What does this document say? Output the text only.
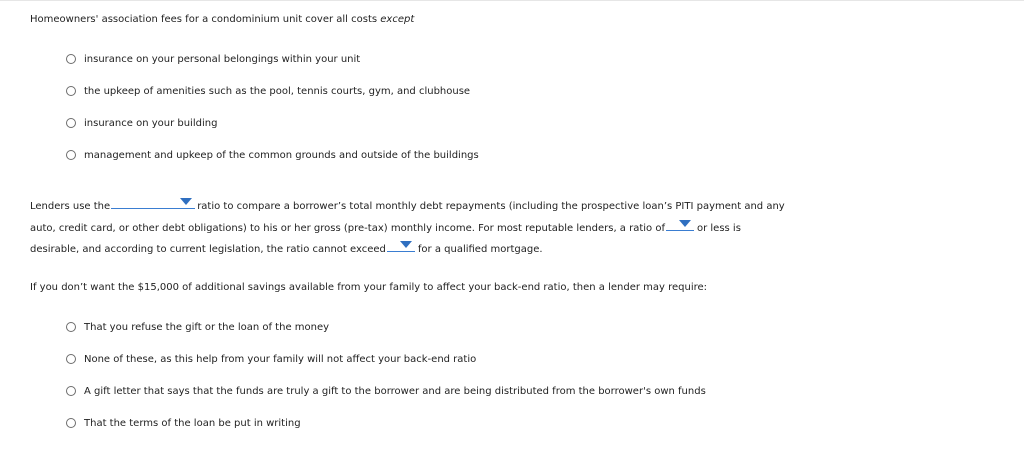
Homeowners' association fees for a condominium unit cover all costs except
insurance on your personal belongings within your unit
the upkeep of amenities such as the pool, tennis courts, gym, and clubhouse
insurance on your building
management and upkeep of the common grounds and outside of the buildings
Lenders use the	ratio to compare a borrower’s total monthly debt repayments (including the prospective loan’s PITI payment and any
auto, credit card, or other debt obligations) to his or her gross (pre-tax) monthly income. For most reputable lenders, a ratio of	or less is
desirable, and according to current legislation, the ratio cannot exceed	for a qualified mortgage.
If you don’t want the $15,000 of additional savings available from your family to affect your back-end ratio, then a lender may require:
That you refuse the gift or the loan of the money
None of these, as this help from your family will not affect your back-end ratio
A gift letter that says that the funds are truly a gift to the borrower and are being distributed from the borrower's own funds
That the terms of the loan be put in writing
